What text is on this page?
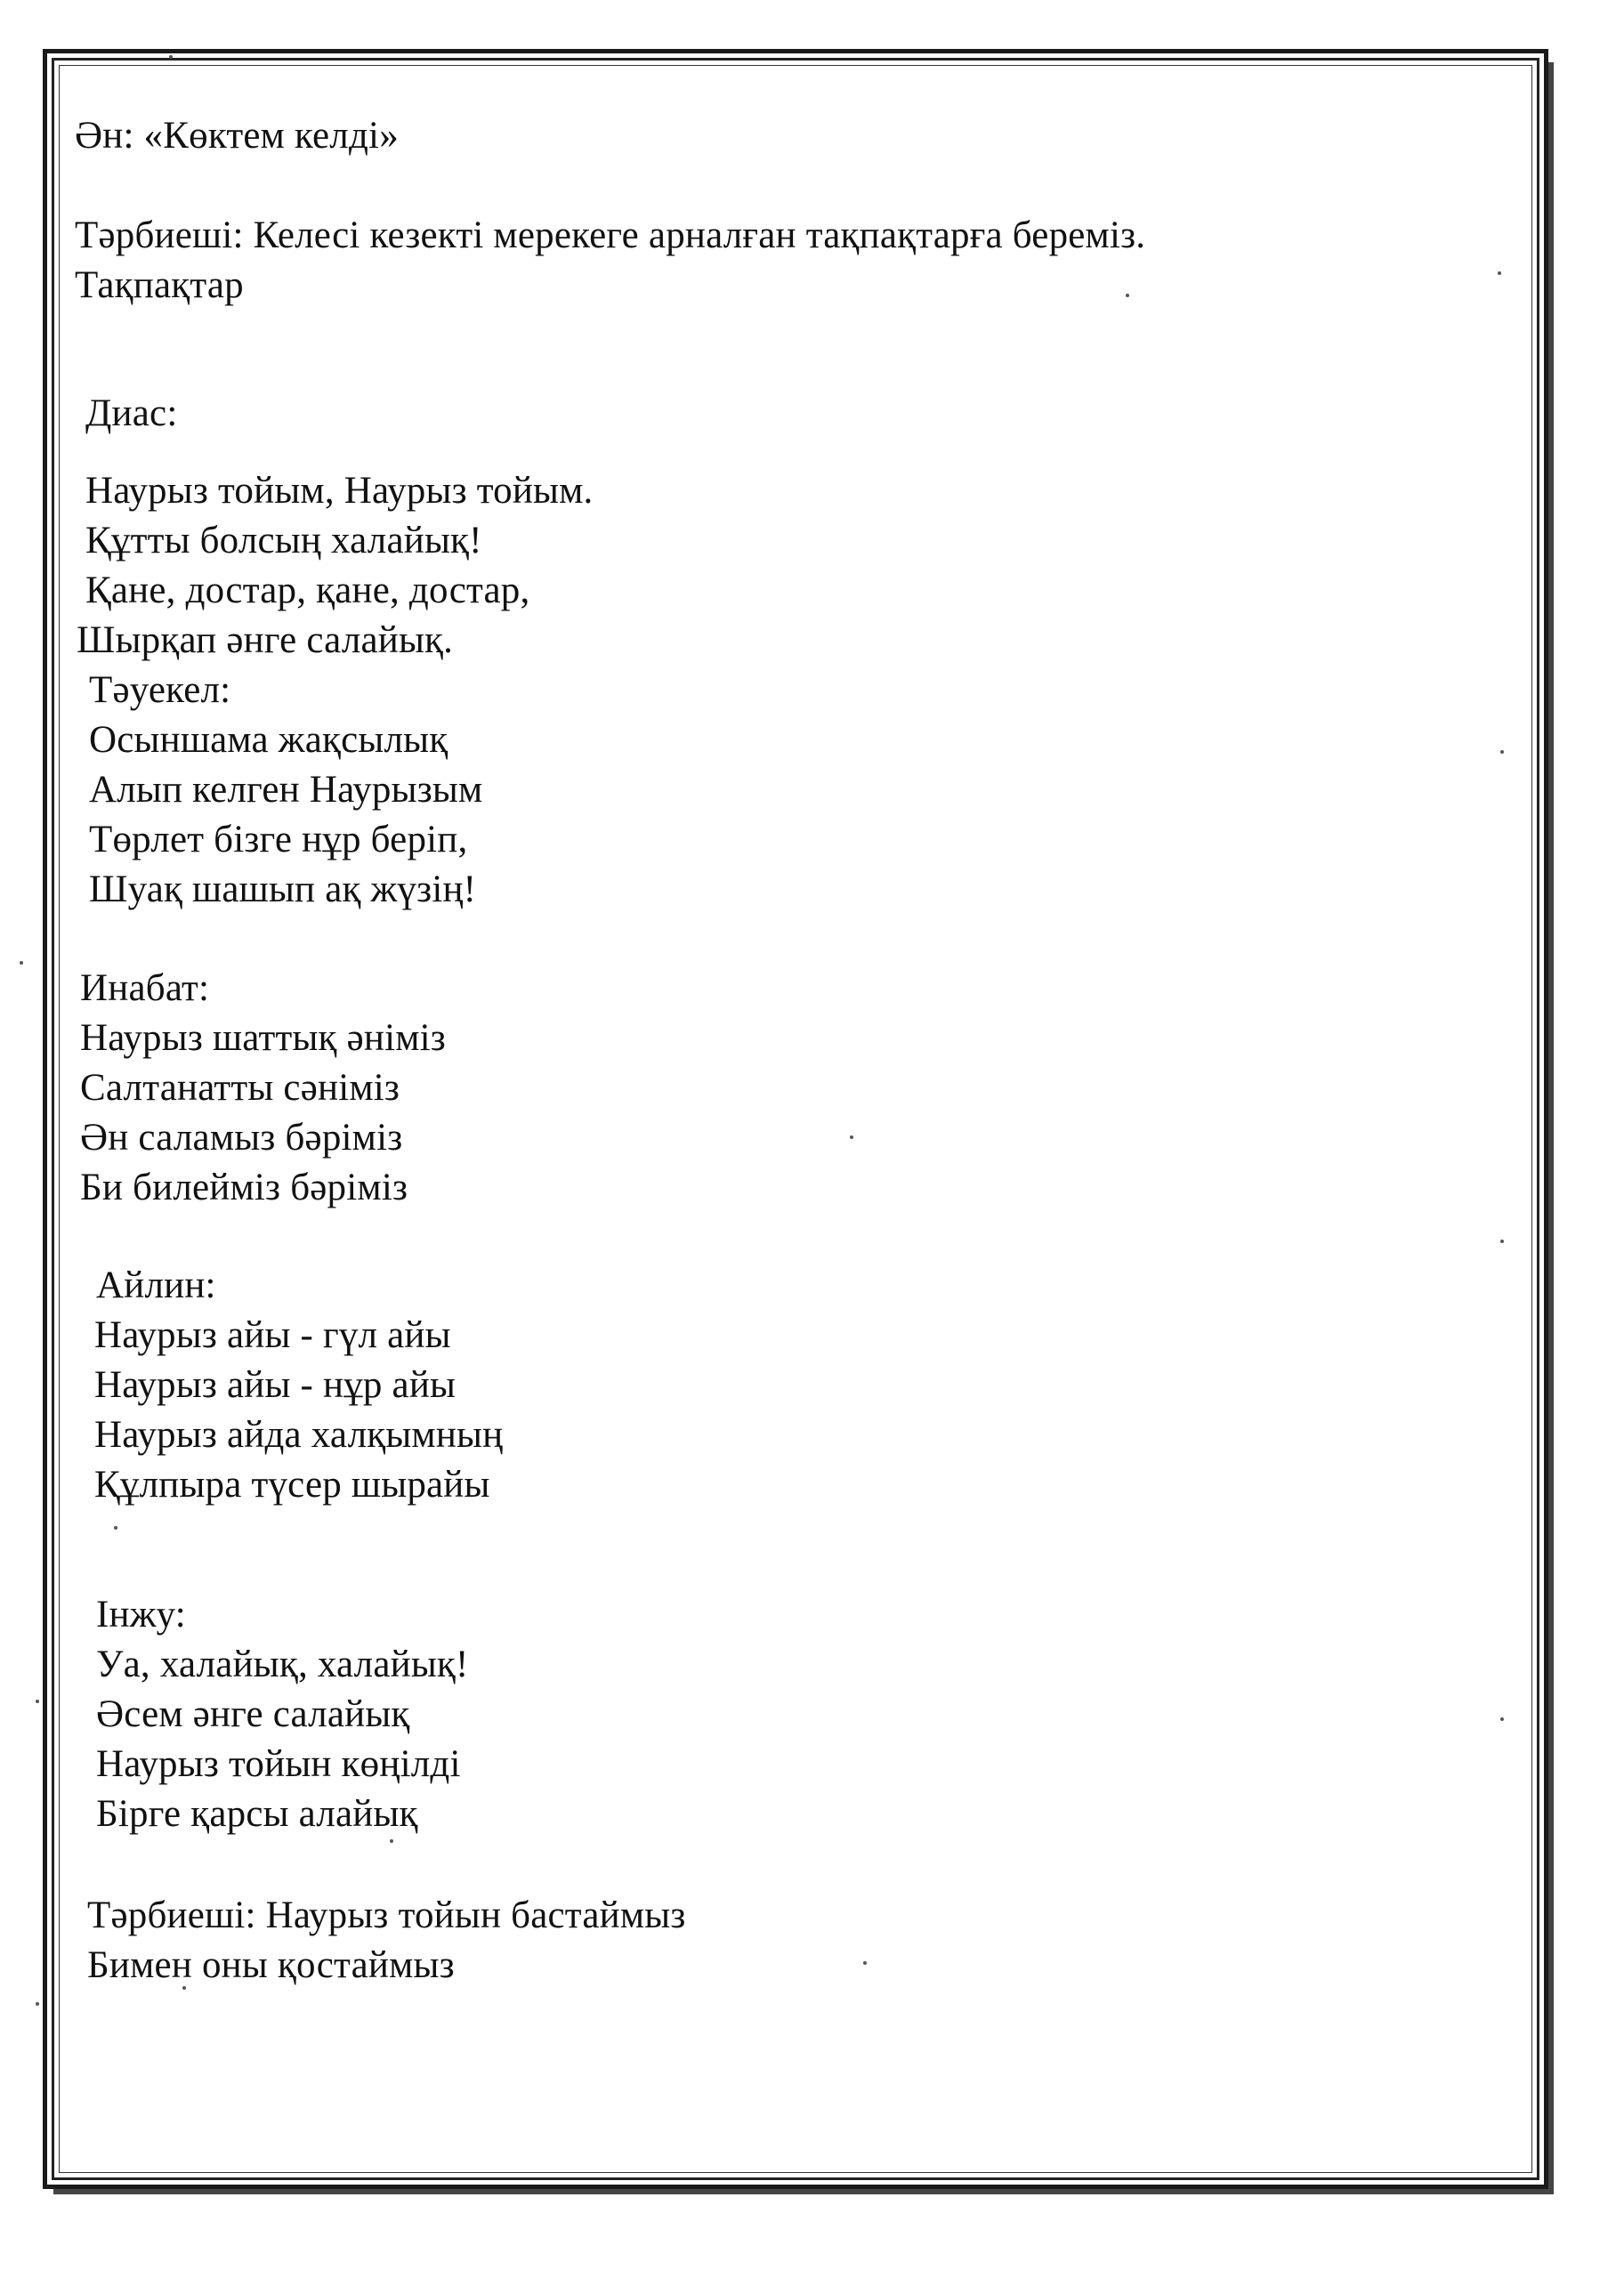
Ән: «Көктем келді»
Тәрбиеші: Келесі кезекті мерекеге арналған тақпақтарға береміз.
Тақпақтар
Диас:
Наурыз тойым, Наурыз тойым.
Құтты болсың халайық!
Қане, достар, қане, достар,
Шырқап әнге салайық.
Тәуекел:
Осыншама жақсылық
Алып келген Наурызым
Төрлет бізге нұр беріп,
Шуақ шашып ақ жүзің!
Инабат:
Наурыз шаттық әніміз
Салтанатты сәніміз
Ән саламыз бәріміз
Би билейміз бәріміз
Айлин:
Наурыз айы - гүл айы
Наурыз айы - нұр айы
Наурыз айда халқымның
Құлпыра түсер шырайы
Інжу:
Уа, халайық, халайық!
Әсем әнге салайық
Наурыз тойын көңілді
Бірге қарсы алайық
Тәрбиеші: Наурыз тойын бастаймыз
Бимен оны қостаймыз
